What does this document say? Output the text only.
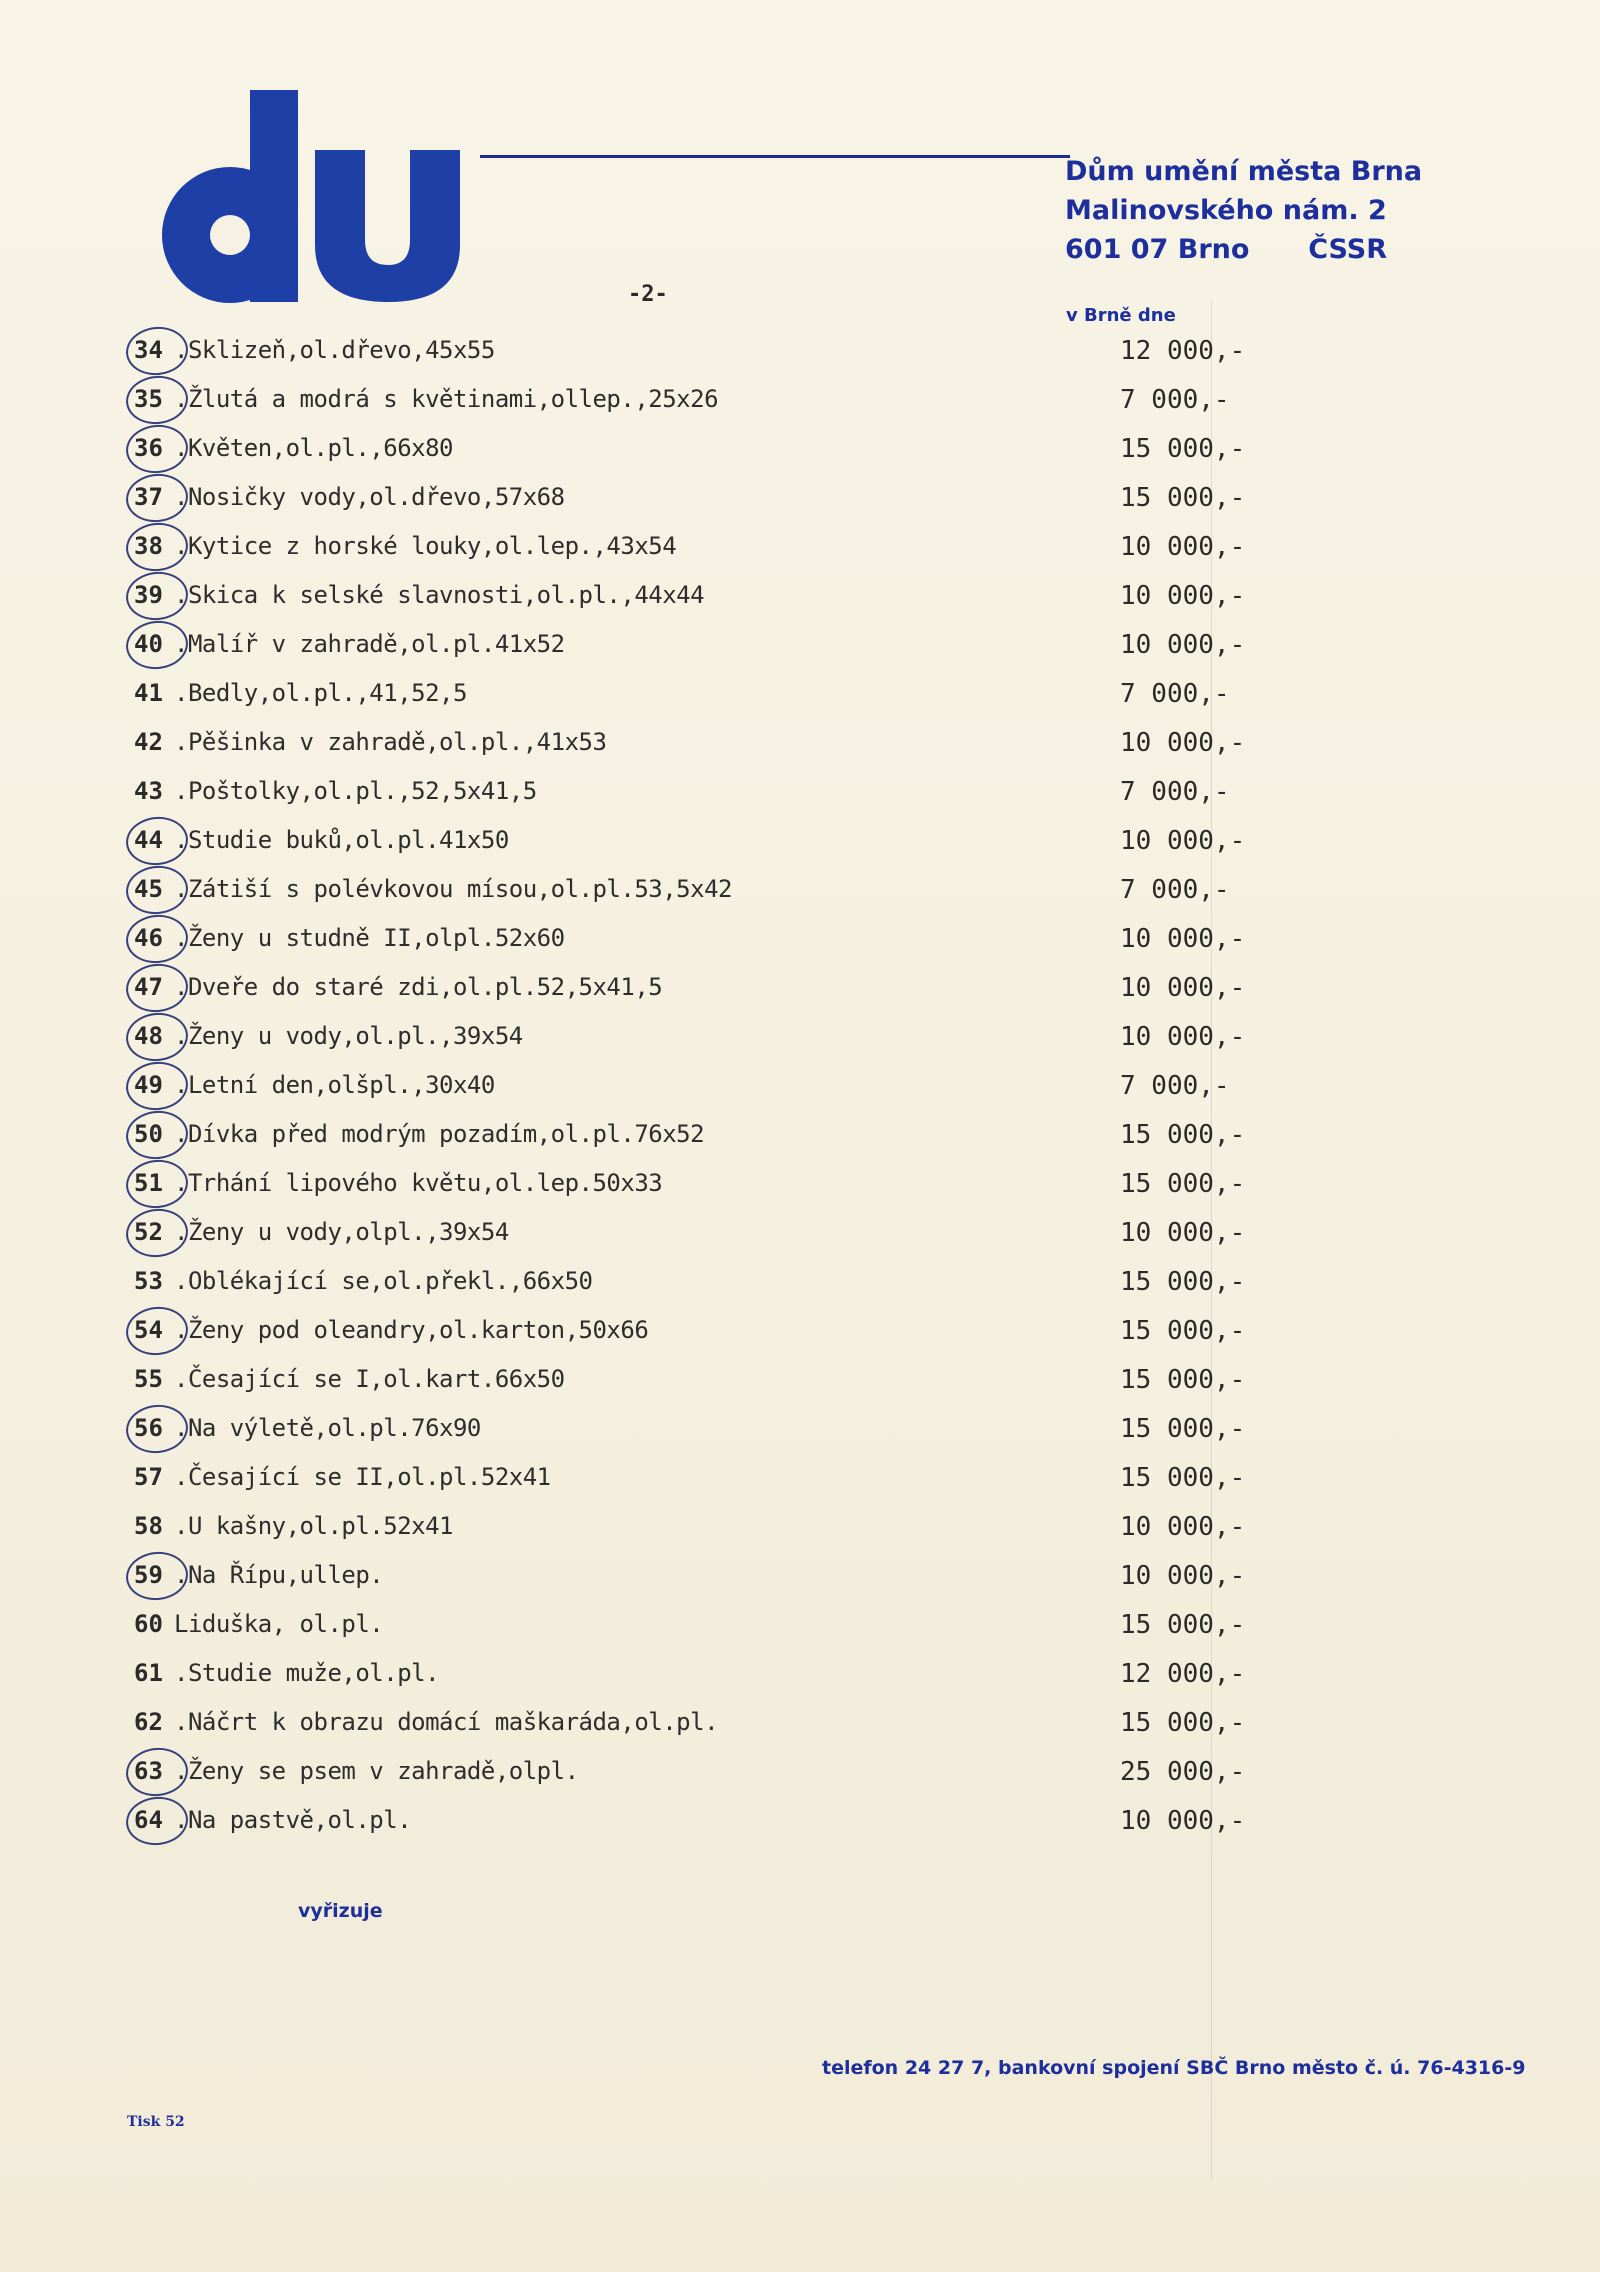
Dům umění města Brna
Malinovského nám. 2
601 07 Brno ČSSR
-2-
v Brně dne
34 .Sklizeň,ol.dřevo,45x55	12 000,-
35 .Žlutá a modrá s květinami,ollep.,25x26	7 000,-
36 .Květen,ol.pl.,66x80	15 000,-
37 .Nosičky vody,ol.dřevo,57x68	15 000,-
38 .Kytice z horské louky,ol.lep.,43x54	10 000,-
39 .Skica k selské slavnosti,ol.pl.,44x44	10 000,-
40 .Malíř v zahradě,ol.pl.41x52	10 000,-
41 .Bedly,ol.pl.,41,52,5	7 000,-
42 .Pěšinka v zahradě,ol.pl.,41x53	10 000,-
43 .Poštolky,ol.pl.,52,5x41,5	7 000,-
44 .Studie buků,ol.pl.41x50	10 000,-
45 .Zátiší s polévkovou mísou,ol.pl.53,5x42	7 000,-
46 .Ženy u studně II,olpl.52x60	10 000,-
47 .Dveře do staré zdi,ol.pl.52,5x41,5	10 000,-
48 .Ženy u vody,ol.pl.,39x54	10 000,-
49 .Letní den,olšpl.,30x40	7 000,-
50 .Dívka před modrým pozadím,ol.pl.76x52	15 000,-
51 .Trhání lipového květu,ol.lep.50x33	15 000,-
52 .Ženy u vody,olpl.,39x54	10 000,-
53 .Oblékající se,ol.překl.,66x50	15 000,-
54 .Ženy pod oleandry,ol.karton,50x66	15 000,-
55 .Česající se I,ol.kart.66x50	15 000,-
56 .Na výletě,ol.pl.76x90	15 000,-
57 .Česající se II,ol.pl.52x41	15 000,-
58 .U kašny,ol.pl.52x41	10 000,-
59 .Na Řípu,ullep.	10 000,-
60 Liduška, ol.pl.	15 000,-
61 .Studie muže,ol.pl.	12 000,-
62 .Náčrt k obrazu domácí maškaráda,ol.pl.	15 000,-
63 .Ženy se psem v zahradě,olpl.	25 000,-
64 .Na pastvě,ol.pl.	10 000,-
vyřizuje
telefon 24 27 7, bankovní spojení SBČ Brno město č. ú. 76-4316-9
Tisk 52
